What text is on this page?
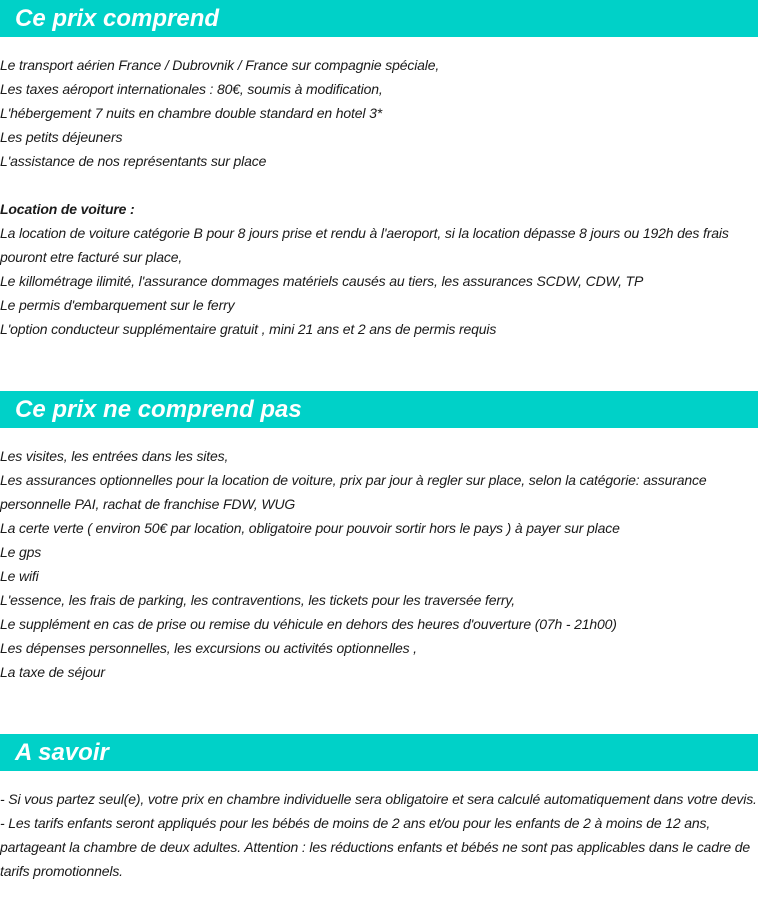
Ce prix comprend

Le transport aérien France / Dubrovnik / France sur compagnie spéciale,

Les taxes aéroport internationales : 80€, soumis à modification,

L'hébergement 7 nuits en chambre double standard en hotel 3*

Les petits déjeuners

L'assistance de nos représentants sur place

Location de voiture :

La location de voiture catégorie B pour 8 jours prise et rendu à l'aeroport, si la location dépasse 8 jours ou 192h des frais pouront etre facturé sur place,

Le killométrage ilimité, l'assurance dommages matériels causés au tiers, les assurances SCDW, CDW, TP

Le permis d'embarquement sur le ferry

L'option conducteur supplémentaire gratuit , mini 21 ans et 2 ans de permis requis

Ce prix ne comprend pas

Les visites, les entrées dans les sites,

Les assurances optionnelles pour la location de voiture, prix par jour à regler sur place, selon la catégorie: assurance personnelle PAI, rachat de franchise FDW, WUG

La certe verte ( environ 50€ par location, obligatoire pour pouvoir sortir hors le pays ) à payer sur place

Le gps

Le wifi

L'essence, les frais de parking, les contraventions, les tickets pour les traversée ferry,

Le supplément en cas de prise ou remise du véhicule en dehors des heures d'ouverture (07h - 21h00)

Les dépenses personnelles, les excursions ou activités optionnelles ,

La taxe de séjour

A savoir

- Si vous partez seul(e), votre prix en chambre individuelle sera obligatoire et sera calculé automatiquement dans votre devis.

- Les tarifs enfants seront appliqués pour les bébés de moins de 2 ans et/ou pour les enfants de 2 à moins de 12 ans, partageant la chambre de deux adultes. Attention : les réductions enfants et bébés ne sont pas applicables dans le cadre de tarifs promotionnels.
